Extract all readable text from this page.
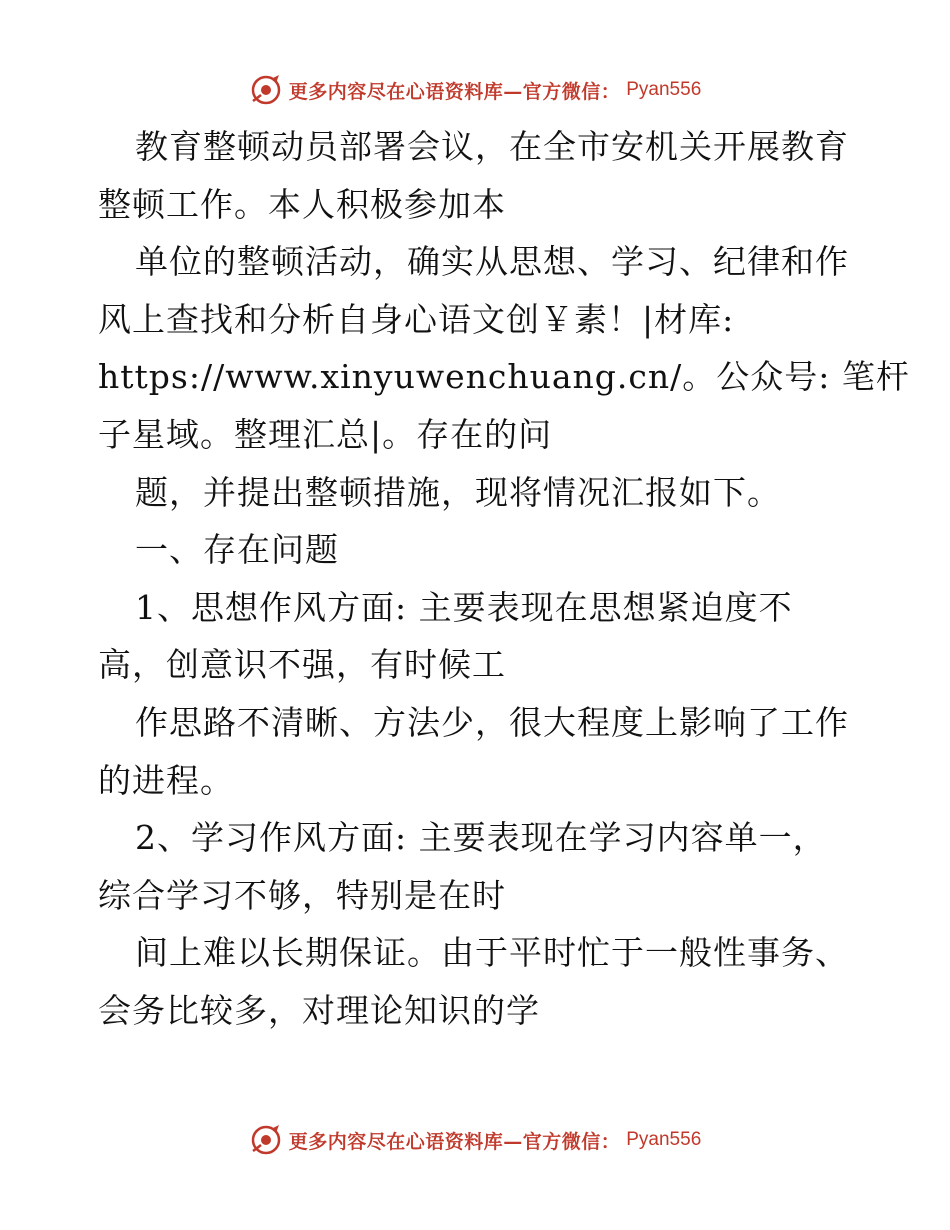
更多内容尽在心语资料库—官方微信： Pyan556
教育整顿动员部署会议，在全市安机关开展教育
整顿工作。本人积极参加本
单位的整顿活动，确实从思想、学习、纪律和作
风上查找和分析自身心语文创￥素！|材库:
https://www.xinyuwenchuang.cn/。公众号: 笔杆
子星域。整理汇总|。存在的问
题，并提出整顿措施，现将情况汇报如下。
一、存在问题
1、思想作风方面: 主要表现在思想紧迫度不
高，创意识不强，有时候工
作思路不清晰、方法少，很大程度上影响了工作
的进程。
2、学习作风方面: 主要表现在学习内容单一，
综合学习不够，特别是在时
间上难以长期保证。由于平时忙于一般性事务、
会务比较多，对理论知识的学
更多内容尽在心语资料库—官方微信： Pyan556
